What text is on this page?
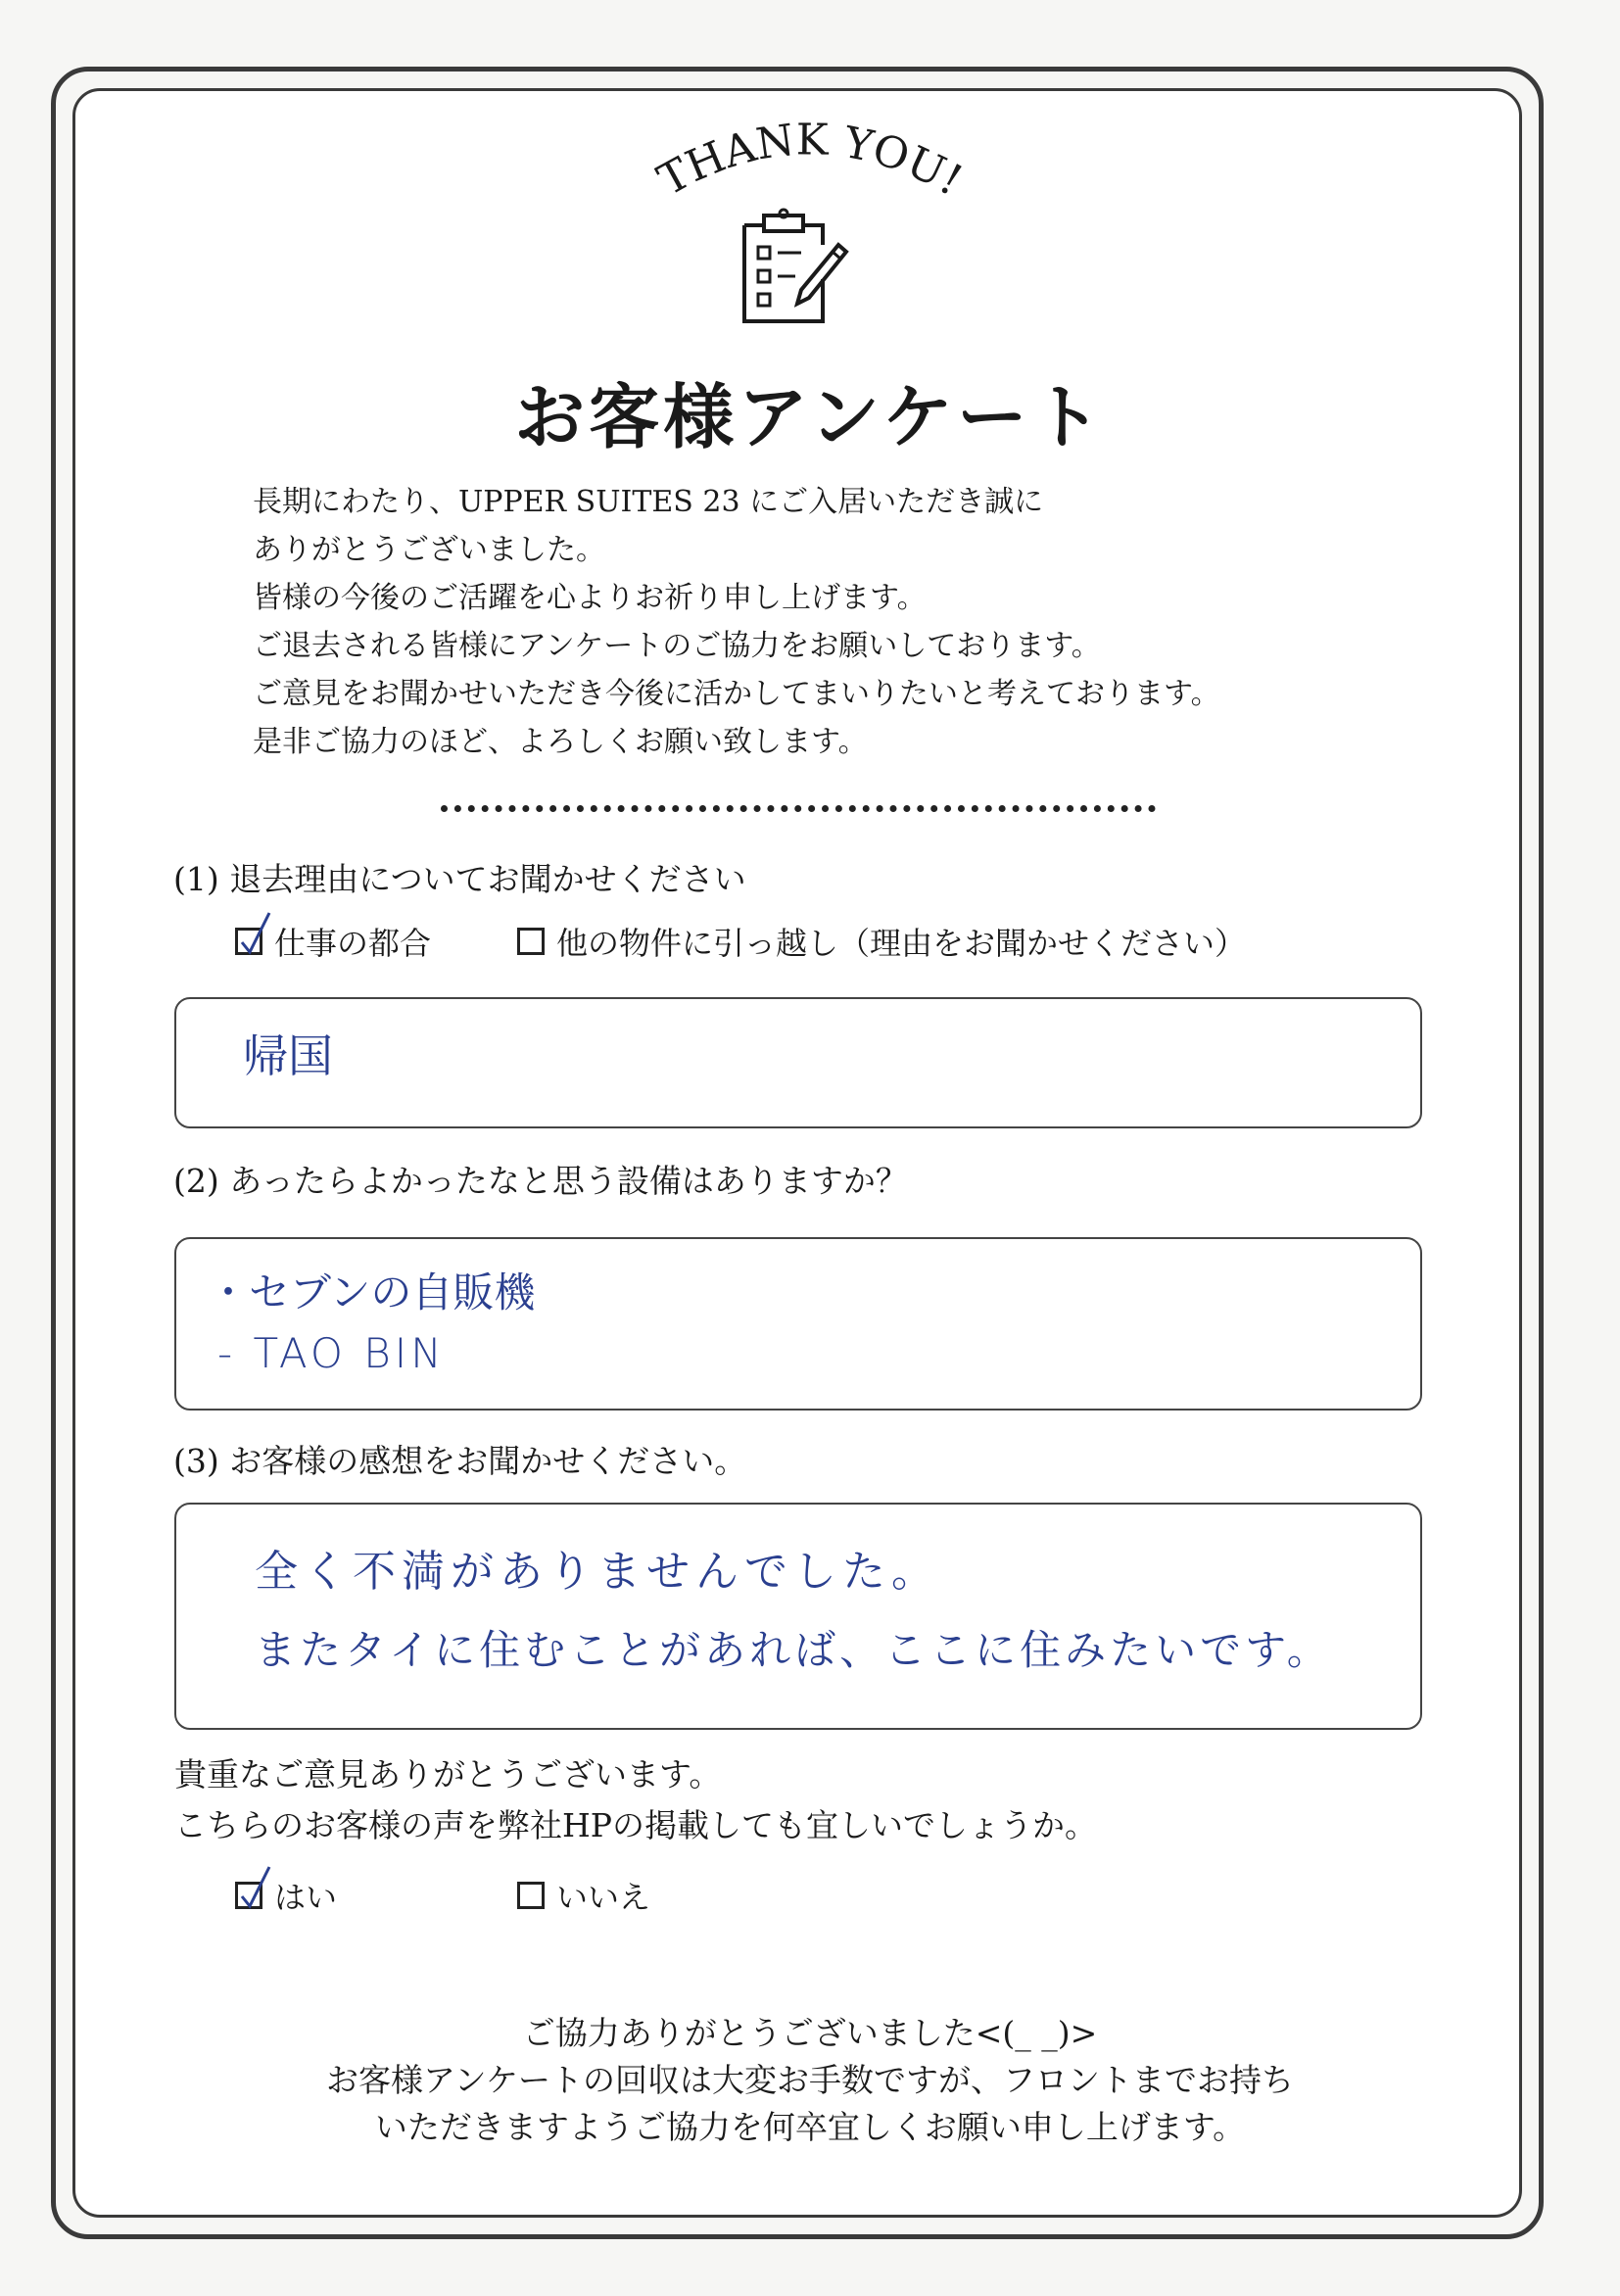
THANK YOU!
お客様アンケート
長期にわたり、UPPER SUITES 23 にご入居いただき誠に
ありがとうございました。
皆様の今後のご活躍を心よりお祈り申し上げます。
ご退去される皆様にアンケートのご協力をお願いしております。
ご意見をお聞かせいただき今後に活かしてまいりたいと考えております。
是非ご協力のほど、よろしくお願い致します。
(1) 退去理由についてお聞かせください
仕事の都合	他の物件に引っ越し（理由をお聞かせください）
帰国
(2) あったらよかったなと思う設備はありますか？
・セブンの自販機
- TAO BIN
(3) お客様の感想をお聞かせください。
全く不満がありませんでした。
またタイに住むことがあれば、ここに住みたいです。
貴重なご意見ありがとうございます。
こちらのお客様の声を弊社HPの掲載しても宜しいでしょうか。
はい	いいえ
ご協力ありがとうございました<(_ _)>
お客様アンケートの回収は大変お手数ですが、フロントまでお持ち
いただきますようご協力を何卒宜しくお願い申し上げます。
